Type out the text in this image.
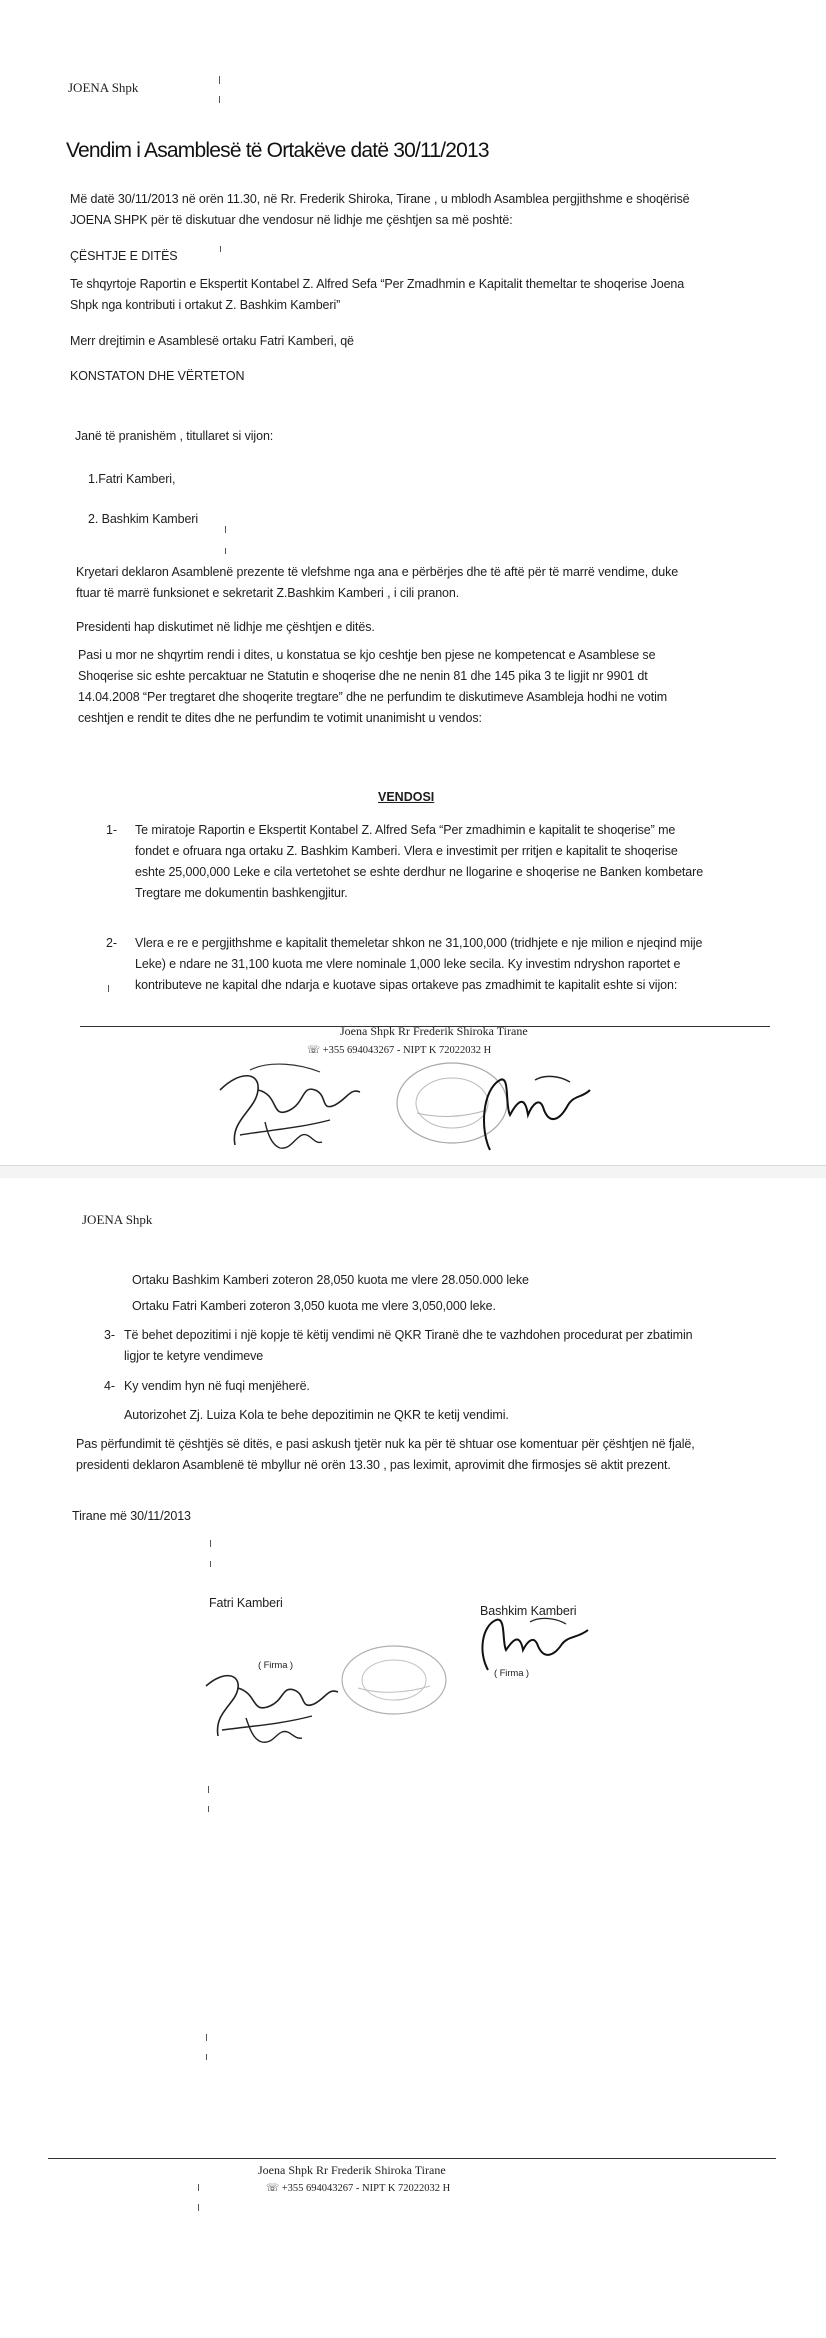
JOENA Shpk
Vendim i Asamblesë të Ortakëve datë 30/11/2013
Më datë 30/11/2013 në orën 11.30, në Rr. Frederik Shiroka, Tirane , u mblodh Asamblea pergjithshme e shoqërisë
JOENA SHPK për të diskutuar dhe vendosur në lidhje me çështjen sa më poshtë:
ÇËSHTJE E DITËS
Te shqyrtoje Raportin e Ekspertit Kontabel Z. Alfred Sefa “Per Zmadhmin e Kapitalit themeltar te shoqerise Joena
Shpk nga kontributi i ortakut Z. Bashkim Kamberi”
Merr drejtimin e Asamblesë ortaku Fatri Kamberi, që
KONSTATON DHE VËRTETON
Janë të pranishëm , titullaret si vijon:
1.Fatri Kamberi,
2. Bashkim Kamberi
Kryetari deklaron Asamblenë prezente të vlefshme nga ana e përbërjes dhe të aftë për të marrë vendime, duke
ftuar të marrë funksionet e sekretarit Z.Bashkim Kamberi , i cili pranon.
Presidenti hap diskutimet në lidhje me çështjen e ditës.
Pasi u mor ne shqyrtim rendi i dites, u konstatua se kjo ceshtje ben pjese ne kompetencat e Asamblese se
Shoqerise sic eshte percaktuar ne Statutin e shoqerise dhe ne nenin 81 dhe 145 pika 3 te ligjit nr 9901 dt
14.04.2008 “Per tregtaret dhe shoqerite tregtare” dhe ne perfundim te diskutimeve Asambleja hodhi ne votim
ceshtjen e rendit te dites dhe ne perfundim te votimit unanimisht u vendos:
VENDOSI
1- Te miratoje Raportin e Ekspertit Kontabel Z. Alfred Sefa “Per zmadhimin e kapitalit te shoqerise” me
fondet e ofruara nga ortaku Z. Bashkim Kamberi. Vlera e investimit per rritjen e kapitalit te shoqerise
eshte 25,000,000 Leke e cila vertetohet se eshte derdhur ne llogarine e shoqerise ne Banken kombetare
Tregtare me dokumentin bashkengjitur.
2- Vlera e re e pergjithshme e kapitalit themeletar shkon ne 31,100,000 (tridhjete e nje milion e njeqind mije
Leke) e ndare ne 31,100 kuota me vlere nominale 1,000 leke secila. Ky investim ndryshon raportet e
kontributeve ne kapital dhe ndarja e kuotave sipas ortakeve pas zmadhimit te kapitalit eshte si vijon:
Joena Shpk Rr Frederik Shiroka Tirane
☏ +355 694043267 - NIPT K 72022032 H
JOENA Shpk
Ortaku Bashkim Kamberi zoteron 28,050 kuota me vlere 28.050.000 leke
Ortaku Fatri Kamberi zoteron 3,050 kuota me vlere 3,050,000 leke.
3- Të behet depozitimi i një kopje të këtij vendimi në QKR Tiranë dhe te vazhdohen procedurat per zbatimin
ligjor te ketyre vendimeve
4- Ky vendim hyn në fuqi menjëherë.
Autorizohet Zj. Luiza Kola te behe depozitimin ne QKR te ketij vendimi.
Pas përfundimit të çështjës së ditës, e pasi askush tjetër nuk ka për të shtuar ose komentuar për çështjen në fjalë,
presidenti deklaron Asamblenë të mbyllur në orën 13.30 , pas leximit, aprovimit dhe firmosjes së aktit prezent.
Tirane më 30/11/2013
Fatri Kamberi
Bashkim Kamberi
( Firma )
( Firma )
Joena Shpk Rr Frederik Shiroka Tirane
☏ +355 694043267 - NIPT K 72022032 H
